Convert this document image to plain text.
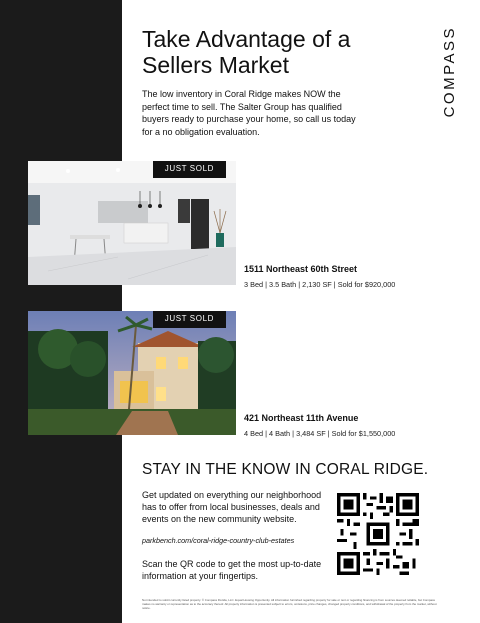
Take Advantage of a Sellers Market	COMPASS

The low inventory in Coral Ridge makes NOW the perfect time to sell. The Salter Group has qualified buyers ready to purchase your home, so call us today for a no obligation evaluation.

JUST SOLD

1511 Northeast 60th Street

3 Bed | 3.5 Bath | 2,130 SF | Sold for $920,000

JUST SOLD

421 Northeast 11th Avenue

4 Bed | 4 Bath | 3,484 SF | Sold for $1,550,000

STAY IN THE KNOW IN CORAL RIDGE.

Get updated on everything our neighborhood has to offer from local businesses, deals and events on the new community website.

parkbench.com/coral-ridge-country-club-estates

Scan the QR code to get the most up-to-date information at your fingertips.

Not intended to solicit currently listed property. © Compass Florida, LLC. Equal Housing Opportunity. All information furnished regarding property for sale or rent or regarding financing is from sources deemed reliable, but Compass makes no warranty or representation as to the accuracy thereof. All property information is presented subject to errors, omissions, price changes, changed property conditions, and withdrawal of the property from the market, without notice.
